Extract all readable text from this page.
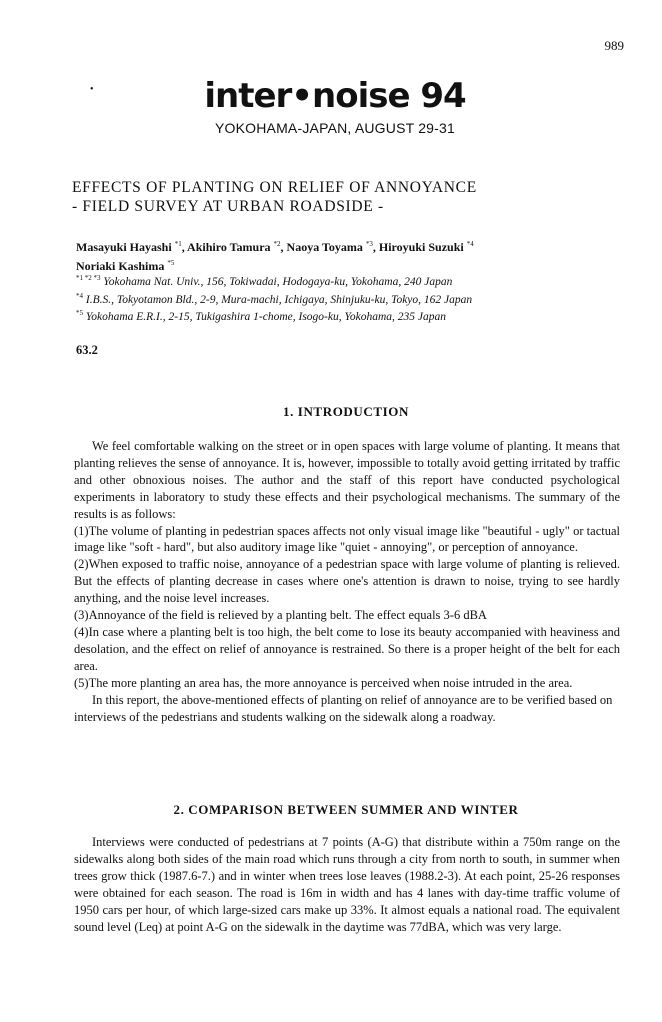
989
•	inter•noise 94
YOKOHAMA-JAPAN, AUGUST 29-31
EFFECTS OF PLANTING ON RELIEF OF ANNOYANCE
- FIELD SURVEY AT URBAN ROADSIDE -
Masayuki Hayashi $^{*1}$, Akihiro Tamura $^{*2}$, Naoya Toyama $^{*3}$, Hiroyuki Suzuki $^{*4}$
Noriaki Kashima $^{*5}$
$^{*1 *2 *3}$ Yokohama Nat. Univ., 156, Tokiwadai, Hodogaya-ku, Yokohama, 240 Japan
$^{*4}$ I.B.S., Tokyotamon Bld., 2-9, Mura-machi, Ichigaya, Shinjuku-ku, Tokyo, 162 Japan
$^{*5}$ Yokohama E.R.I., 2-15, Tukigashira 1-chome, Isogo-ku, Yokohama, 235 Japan
63.2
1. INTRODUCTION

We feel comfortable walking on the street or in open spaces with large volume of planting. It means that planting relieves the sense of annoyance. It is, however, impossible to totally avoid getting irritated by traffic and other obnoxious noises. The author and the staff of this report have conducted psychological experiments in laboratory to study these effects and their psychological mechanisms. The summary of the results is as follows:

(1)The volume of planting in pedestrian spaces affects not only visual image like "beautiful - ugly" or tactual image like "soft - hard", but also auditory image like "quiet - annoying", or perception of annoyance.

(2)When exposed to traffic noise, annoyance of a pedestrian space with large volume of planting is relieved. But the effects of planting decrease in cases where one's attention is drawn to noise, trying to see hardly anything, and the noise level increases.

(3)Annoyance of the field is relieved by a planting belt. The effect equals 3-6 dBA

(4)In case where a planting belt is too high, the belt come to lose its beauty accompanied with heaviness and desolation, and the effect on relief of annoyance is restrained. So there is a proper height of the belt for each area.

(5)The more planting an area has, the more annoyance is perceived when noise intruded in the area.

In this report, the above-mentioned effects of planting on relief of annoyance are to be verified based on interviews of the pedestrians and students walking on the sidewalk along a roadway.

2. COMPARISON BETWEEN SUMMER AND WINTER

Interviews were conducted of pedestrians at 7 points (A-G) that distribute within a 750m range on the sidewalks along both sides of the main road which runs through a city from north to south, in summer when trees grow thick (1987.6-7.) and in winter when trees lose leaves (1988.2-3). At each point, 25-26 responses were obtained for each season. The road is 16m in width and has 4 lanes with day-time traffic volume of 1950 cars per hour, of which large-sized cars make up 33%. It almost equals a national road. The equivalent sound level (Leq) at point A-G on the sidewalk in the daytime was 77dBA, which was very large.
